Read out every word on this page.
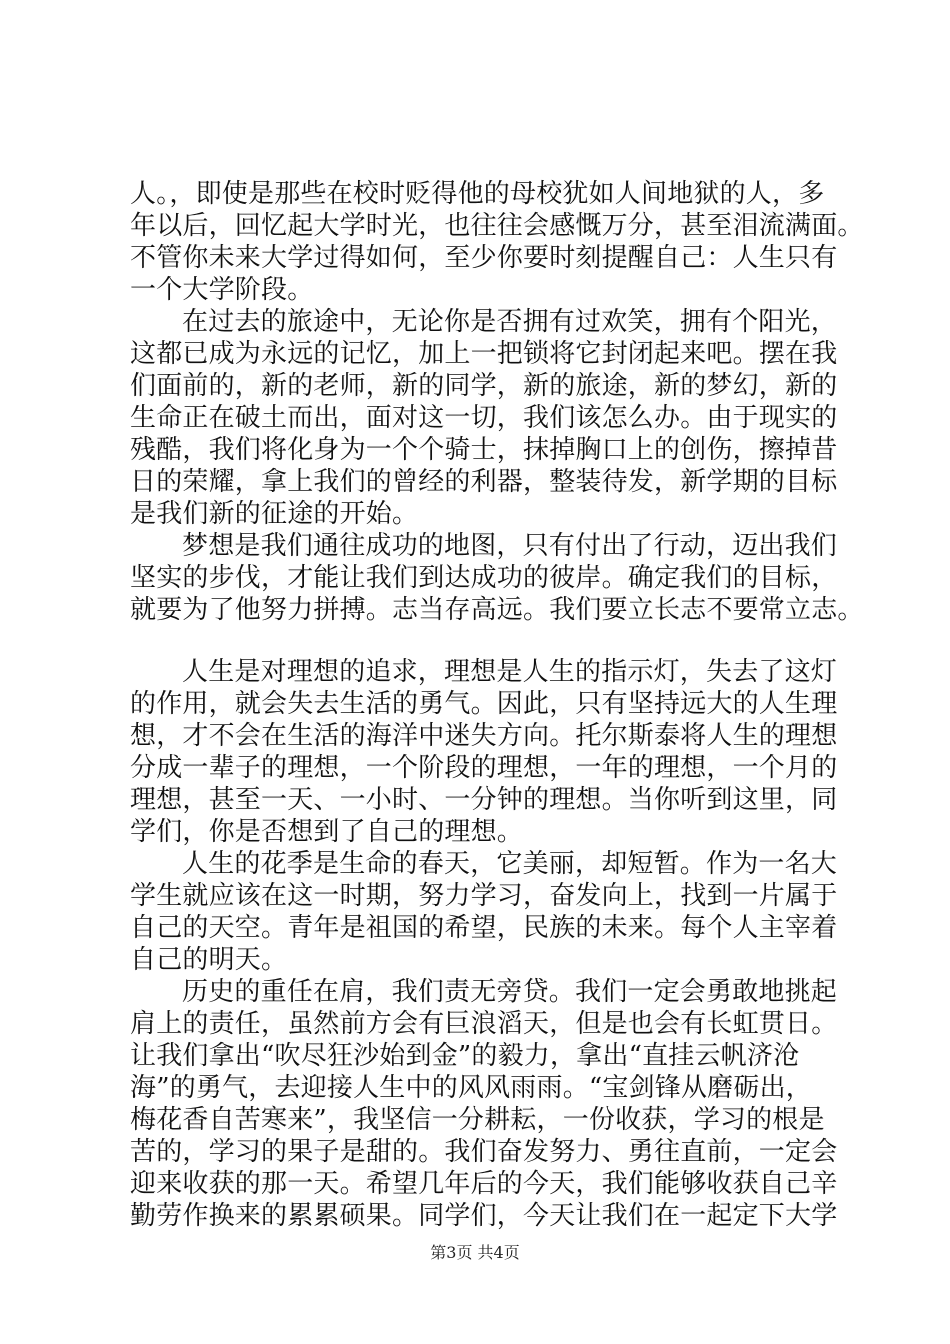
人。，即使是那些在校时贬得他的母校犹如人间地狱的人，多
年以后，回忆起大学时光，也往往会感慨万分，甚至泪流满面。
不管你未来大学过得如何，至少你要时刻提醒自己：人生只有
一个大学阶段。
在过去的旅途中，无论你是否拥有过欢笑，拥有个阳光，
这都已成为永远的记忆，加上一把锁将它封闭起来吧。摆在我
们面前的，新的老师，新的同学，新的旅途，新的梦幻，新的
生命正在破土而出，面对这一切，我们该怎么办。由于现实的
残酷，我们将化身为一个个骑士，抹掉胸口上的创伤，擦掉昔
日的荣耀，拿上我们的曾经的利器，整装待发，新学期的目标
是我们新的征途的开始。
梦想是我们通往成功的地图，只有付出了行动，迈出我们
坚实的步伐，才能让我们到达成功的彼岸。确定我们的目标，
就要为了他努力拼搏。志当存高远。我们要立长志不要常立志。
人生是对理想的追求，理想是人生的指示灯，失去了这灯
的作用，就会失去生活的勇气。因此，只有坚持远大的人生理
想，才不会在生活的海洋中迷失方向。托尔斯泰将人生的理想
分成一辈子的理想，一个阶段的理想，一年的理想，一个月的
理想，甚至一天、一小时、一分钟的理想。当你听到这里，同
学们，你是否想到了自己的理想。
人生的花季是生命的春天，它美丽，却短暂。作为一名大
学生就应该在这一时期，努力学习，奋发向上，找到一片属于
自己的天空。青年是祖国的希望，民族的未来。每个人主宰着
自己的明天。
历史的重任在肩，我们责无旁贷。我们一定会勇敢地挑起
肩上的责任，虽然前方会有巨浪滔天，但是也会有长虹贯日。
让我们拿出“吹尽狂沙始到金”的毅力，拿出“直挂云帆济沧
海”的勇气，去迎接人生中的风风雨雨。“宝剑锋从磨砺出，
梅花香自苦寒来”，我坚信一分耕耘，一份收获，学习的根是
苦的，学习的果子是甜的。我们奋发努力、勇往直前，一定会
迎来收获的那一天。希望几年后的今天，我们能够收获自己辛
勤劳作换来的累累硕果。同学们，今天让我们在一起定下大学
第3页 共4页
